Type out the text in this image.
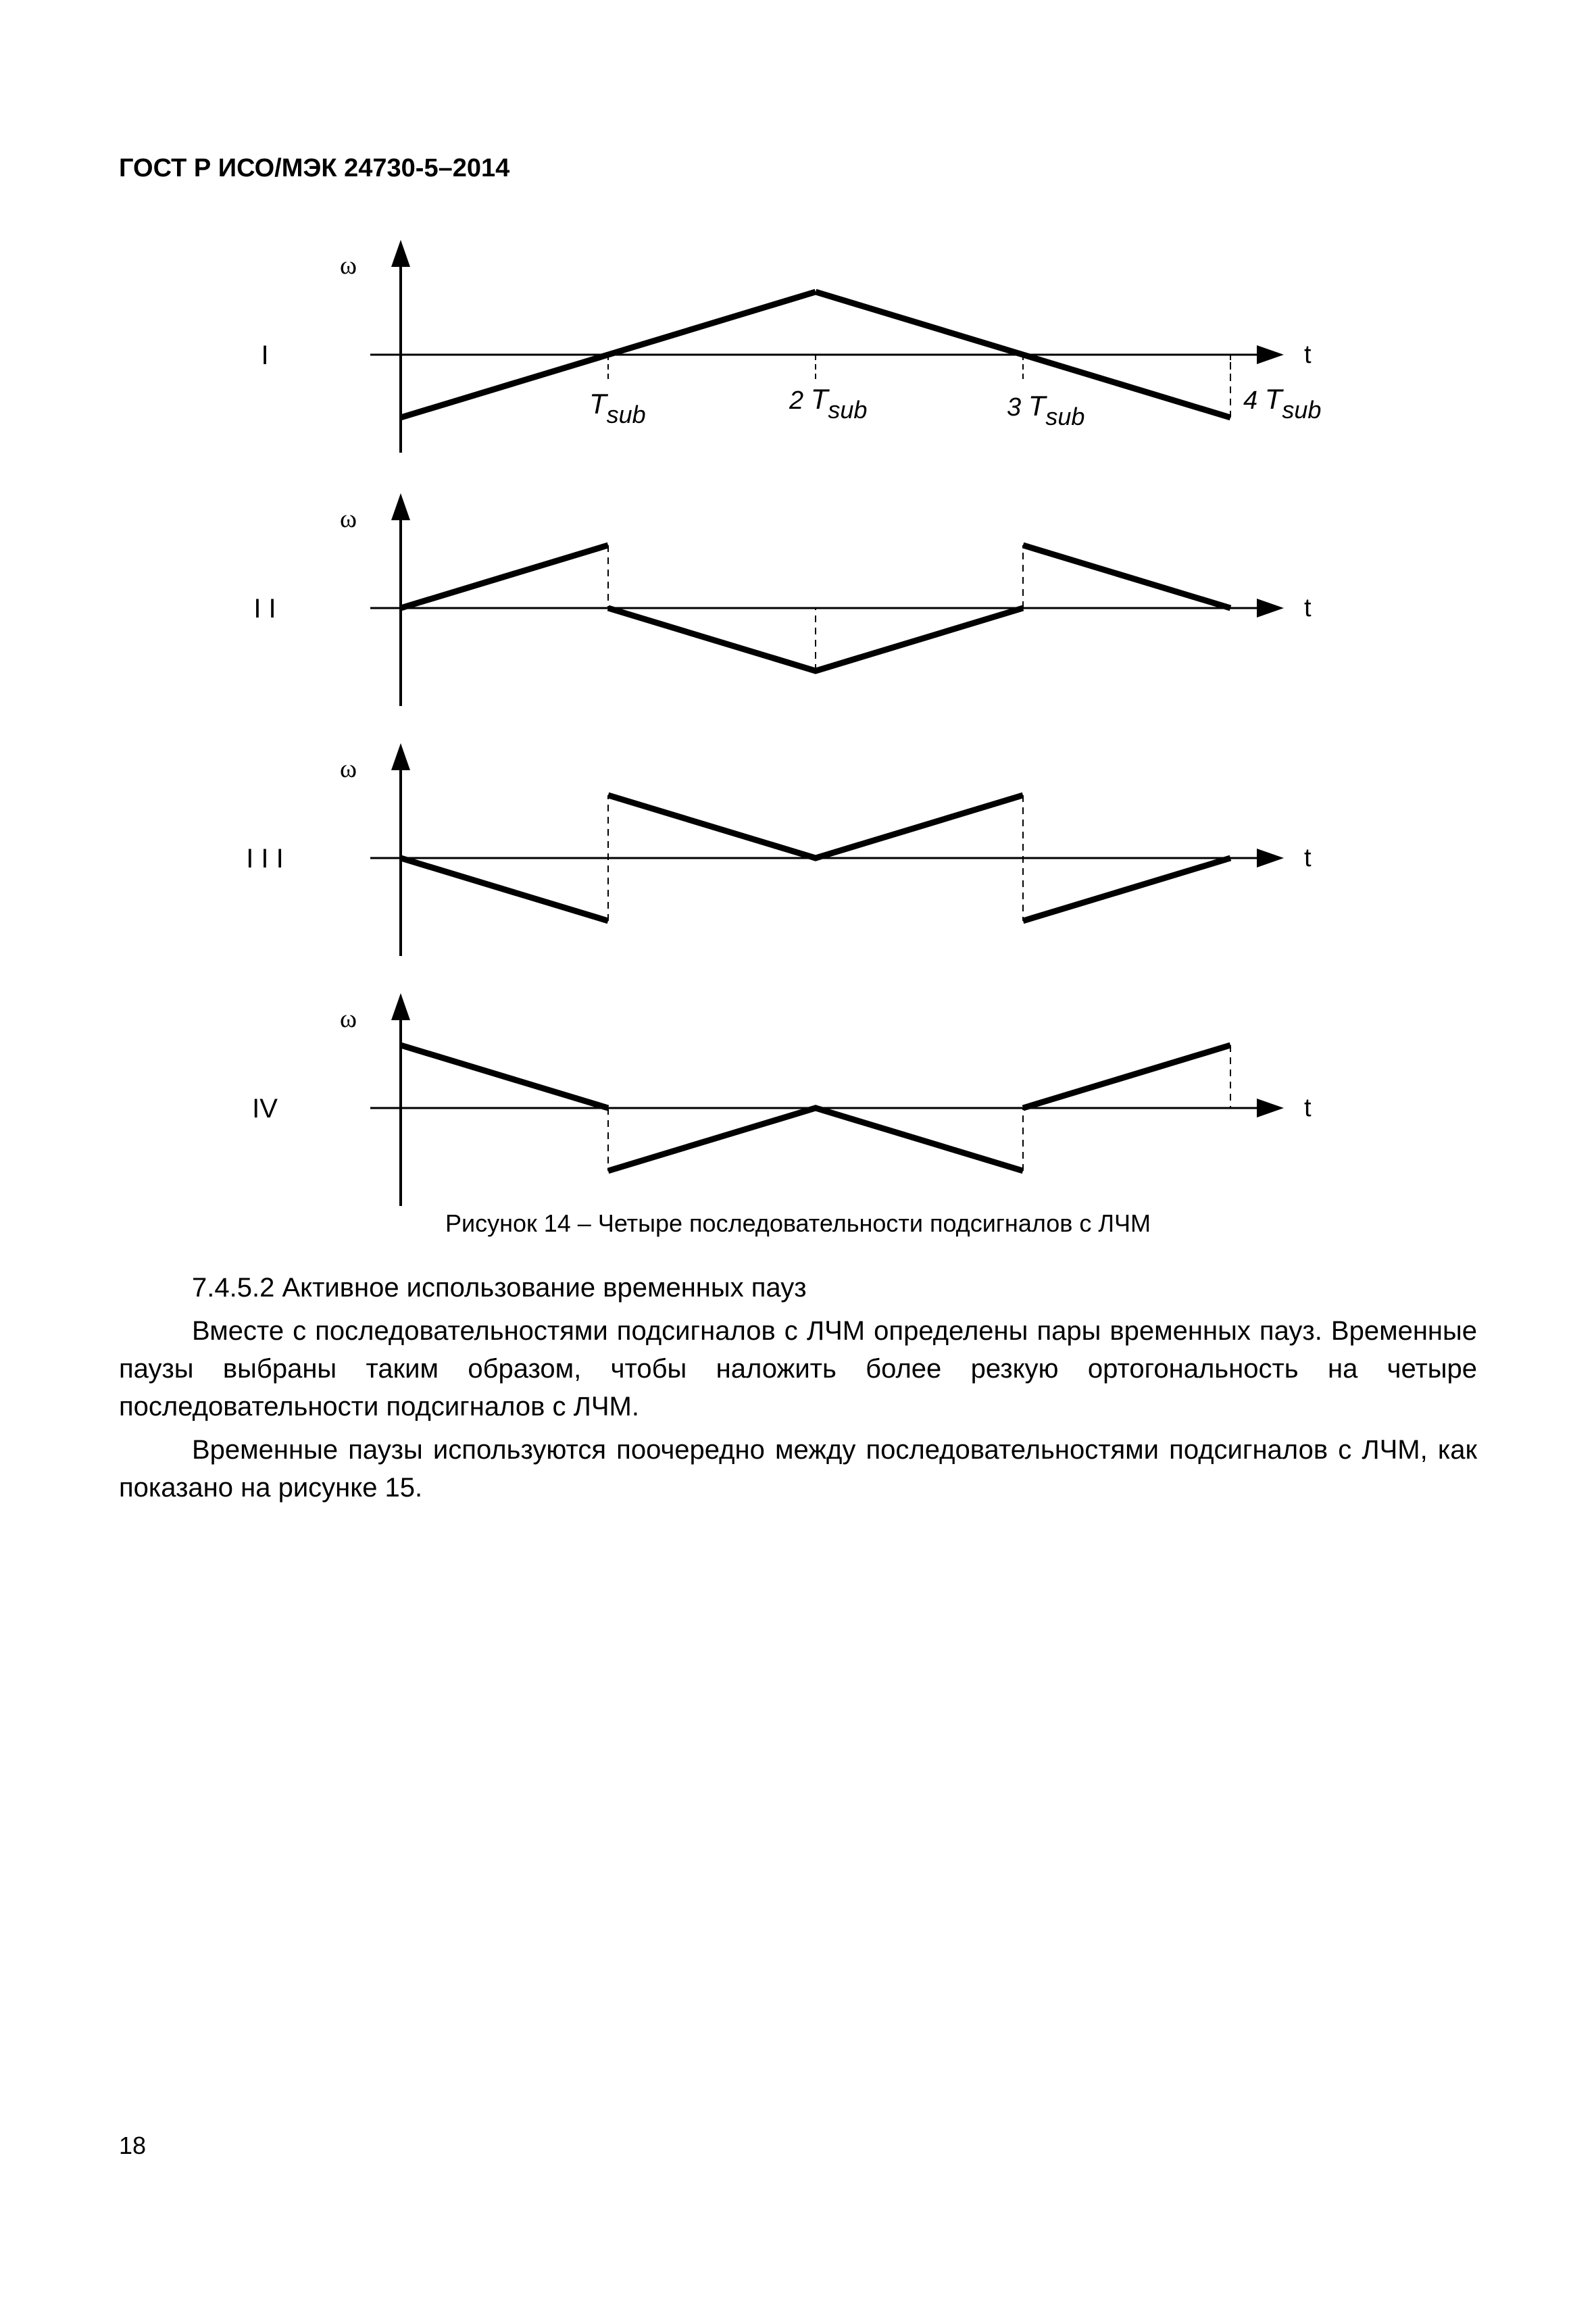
ГОСТ Р ИСО/МЭК 24730-5–2014
ω
t
I
Tsub	2 Tsub	3 Tsub
4 Tsub
ω
t
I I
ω
t
I I I
ω
t
IV
Рисунок 14 – Четыре последовательности подсигналов с ЛЧМ

7.4.5.2 Активное использование временных пауз

Вместе с последовательностями подсигналов с ЛЧМ определены пары временных пауз. Временные паузы выбраны таким образом, чтобы наложить более резкую ортогональность на четыре последовательности подсигналов с ЛЧМ.

Временные паузы используются поочередно между последовательностями подсигналов с ЛЧМ, как показано на рисунке 15.

18
